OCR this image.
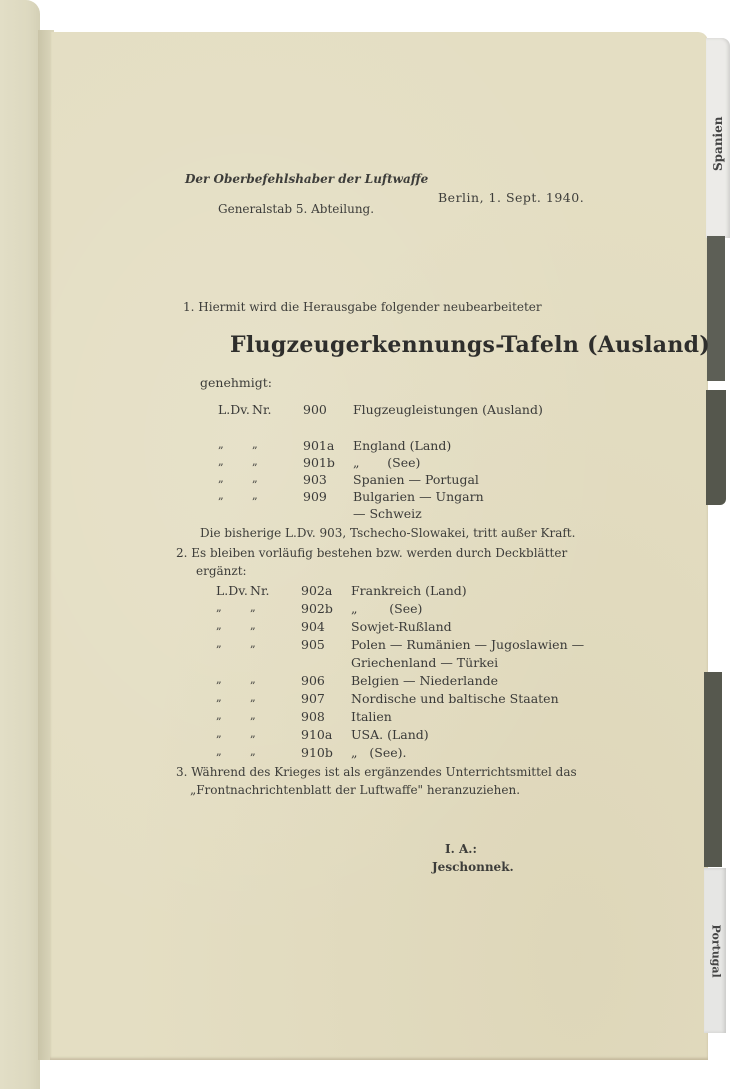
Spanien
Portugal
Der Oberbefehlshaber der Luftwaffe
Generalstab 5. Abteilung.
Berlin, 1. Sept. 1940.
1. Hiermit wird die Herausgabe folgender neubearbeiteter
Flugzeugerkennungs-Tafeln (Ausland)
genehmigt:
L.Dv. Nr.	900	Flugzeugleistungen (Ausland)
„	„	901a	England (Land)
„	„	901b	„       (See)
„	„	903	Spanien — Portugal
„	„	909	Bulgarien — Ungarn
— Schweiz
Die bisherige L.Dv. 903, Tschecho-Slowakei, tritt außer Kraft.
2. Es bleiben vorläufig bestehen bzw. werden durch Deckblätter
ergänzt:
L.Dv. Nr.	902a	Frankreich (Land)
„	„	902b	„        (See)
„	„	904	Sowjet-Rußland
„	„	905	Polen — Rumänien — Jugoslawien —
Griechenland — Türkei
„	„	906	Belgien — Niederlande
„	„	907	Nordische und baltische Staaten
„	„	908	Italien
„	„	910a	USA. (Land)
„	„	910b	„   (See).
3. Während des Krieges ist als ergänzendes Unterrichtsmittel das
„Frontnachrichtenblatt der Luftwaffe" heranzuziehen.
I. A.:
Jeschonnek.
